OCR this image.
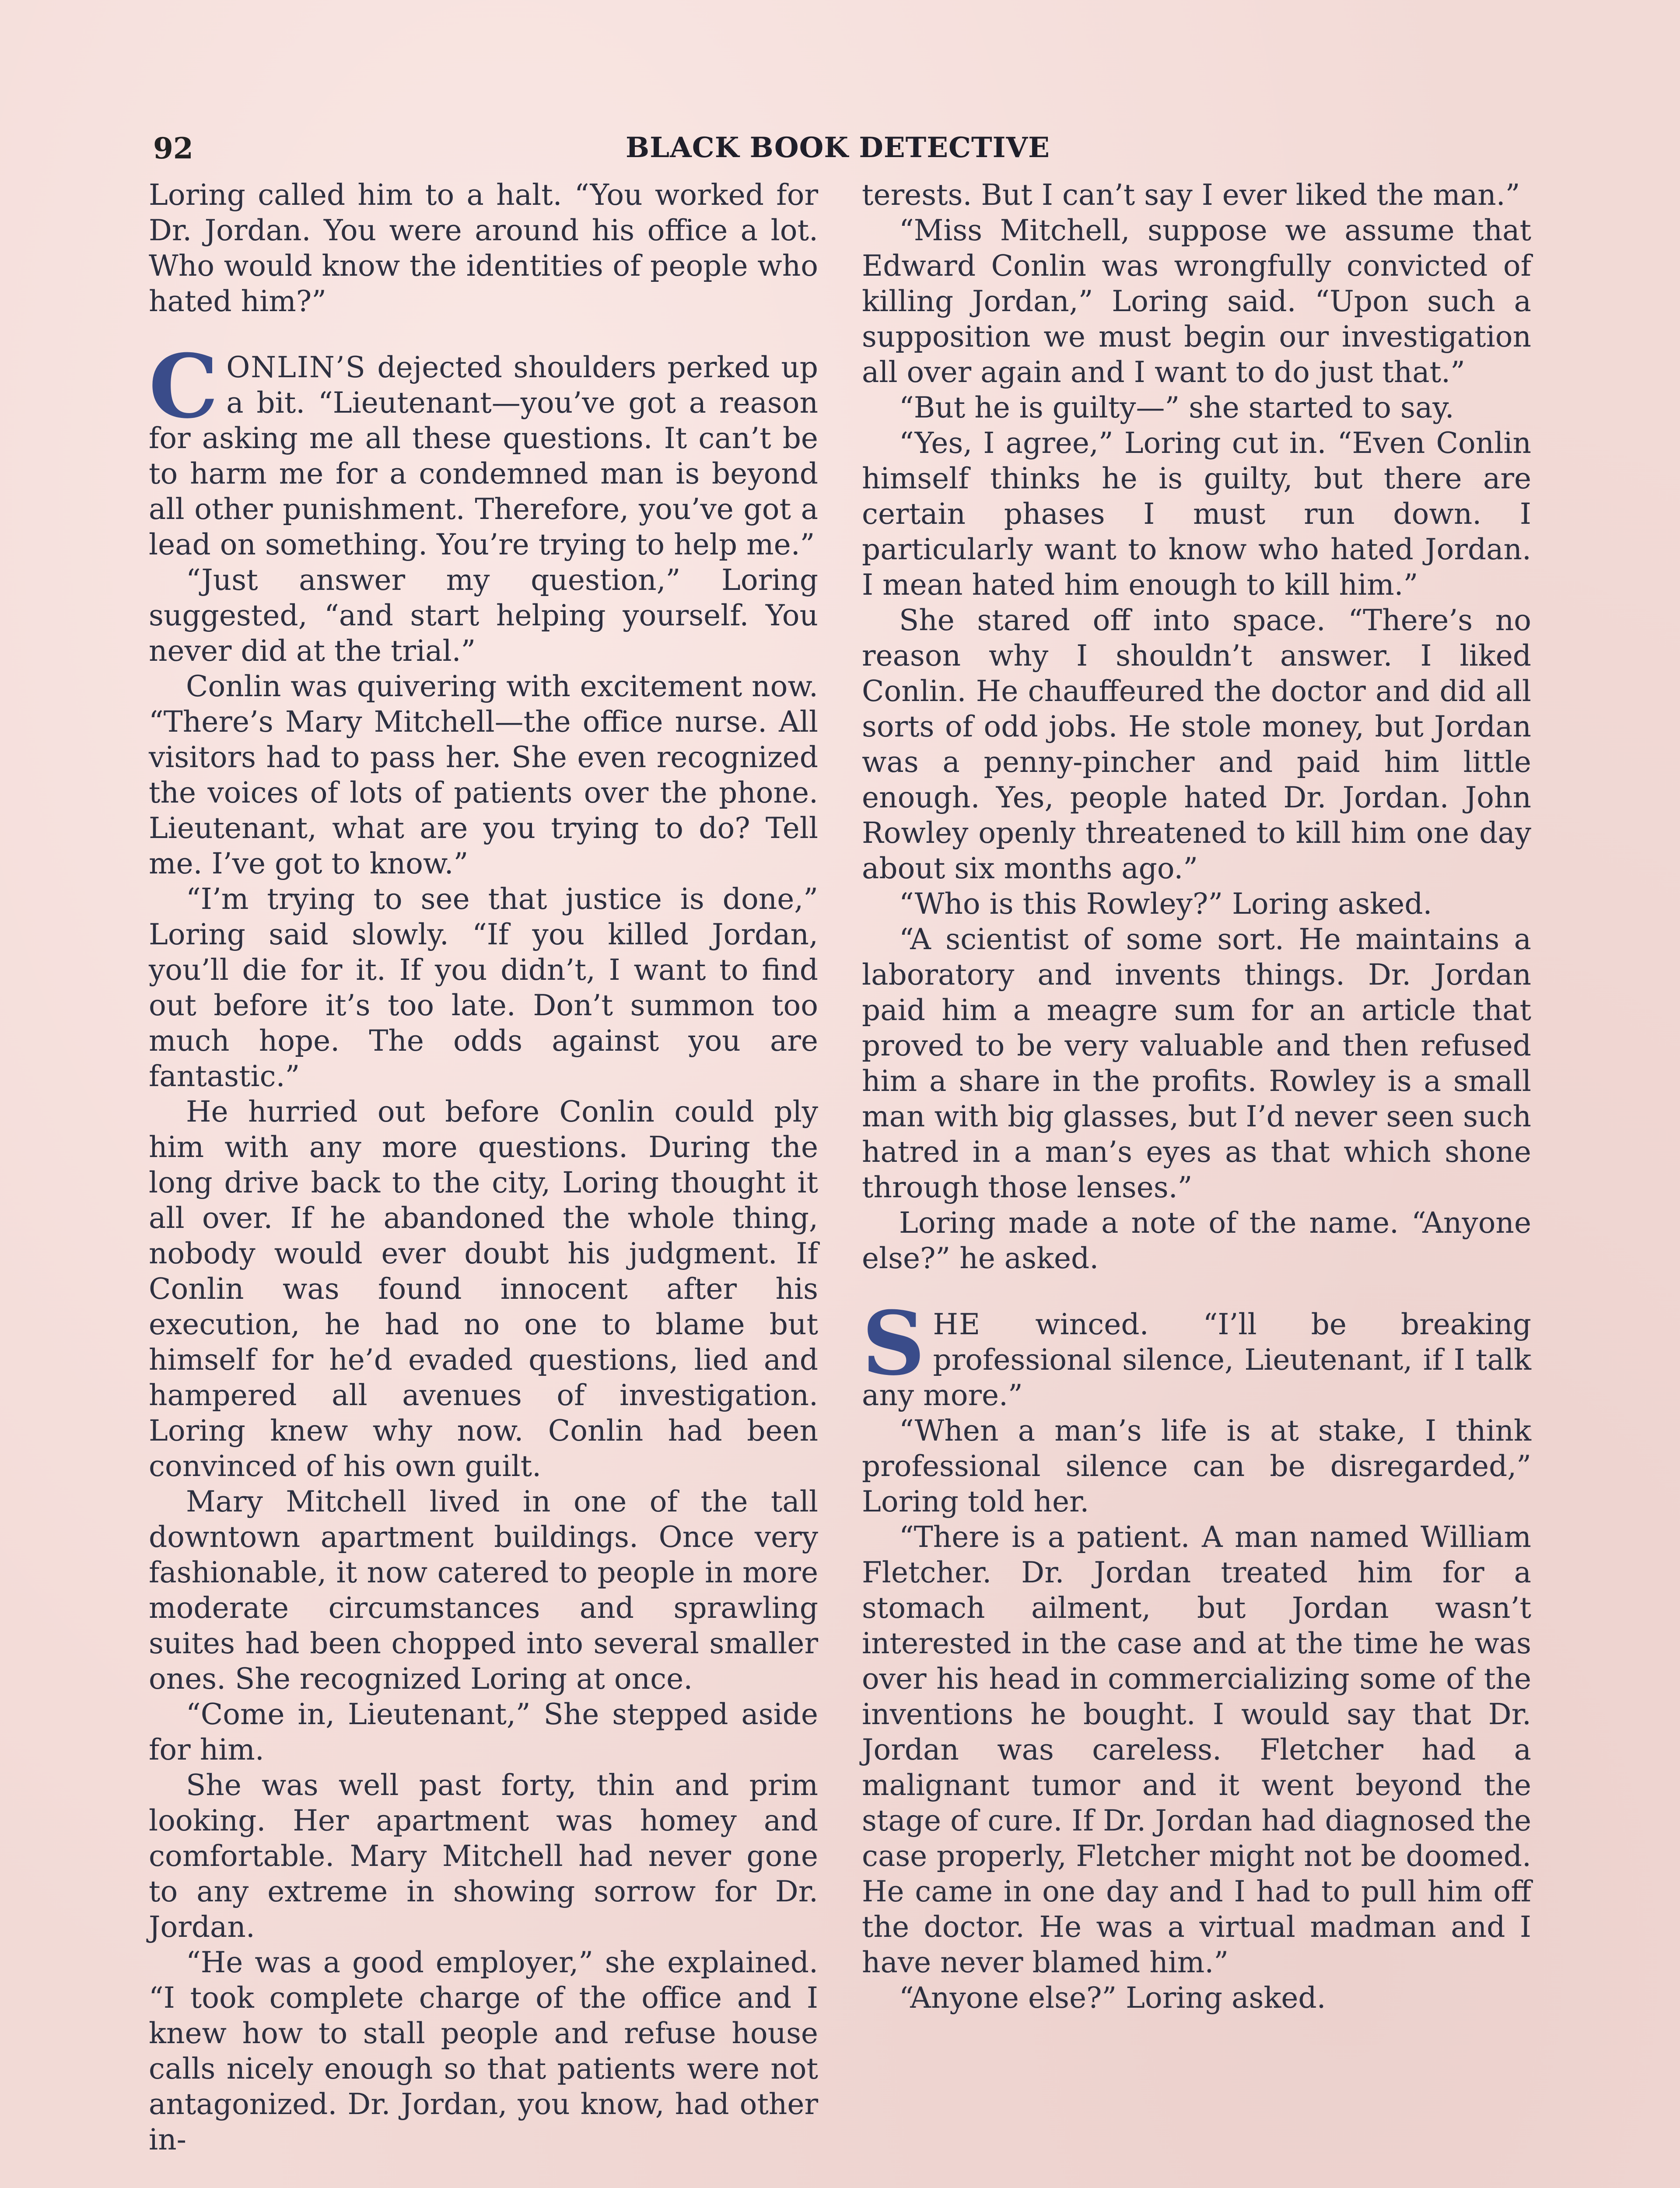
92	BLACK BOOK DETECTIVE

Loring called him to a halt. “You worked for Dr. Jordan. You were around his office a lot. Who would know the identities of people who hated him?”

CONLIN’S dejected shoulders perked up a bit. “Lieutenant—you’ve got a reason for asking me all these questions. It can’t be to harm me for a condemned man is beyond all other punishment. Therefore, you’ve got a lead on something. You’re trying to help me.”

“Just answer my question,” Loring suggested, “and start helping yourself. You never did at the trial.”

Conlin was quivering with excitement now. “There’s Mary Mitchell—the office nurse. All visitors had to pass her. She even recognized the voices of lots of patients over the phone. Lieutenant, what are you trying to do? Tell me. I’ve got to know.”

“I’m trying to see that justice is done,” Loring said slowly. “If you killed Jordan, you’ll die for it. If you didn’t, I want to find out before it’s too late. Don’t summon too much hope. The odds against you are fantastic.”

He hurried out before Conlin could ply him with any more questions. During the long drive back to the city, Loring thought it all over. If he abandoned the whole thing, nobody would ever doubt his judgment. If Conlin was found innocent after his execution, he had no one to blame but himself for he’d evaded questions, lied and hampered all avenues of investigation. Loring knew why now. Conlin had been convinced of his own guilt.

Mary Mitchell lived in one of the tall downtown apartment buildings. Once very fashionable, it now catered to people in more moderate circumstances and sprawling suites had been chopped into several smaller ones. She recognized Loring at once.

“Come in, Lieutenant,” She stepped aside for him.

She was well past forty, thin and prim looking. Her apartment was homey and comfortable. Mary Mitchell had never gone to any extreme in showing sorrow for Dr. Jordan.

“He was a good employer,” she explained. “I took complete charge of the office and I knew how to stall people and refuse house calls nicely enough so that patients were not antagonized. Dr. Jordan, you know, had other in-

terests. But I can’t say I ever liked the man.”

“Miss Mitchell, suppose we assume that Edward Conlin was wrongfully convicted of killing Jordan,” Loring said. “Upon such a supposition we must begin our investigation all over again and I want to do just that.”

“But he is guilty—” she started to say.

“Yes, I agree,” Loring cut in. “Even Conlin himself thinks he is guilty, but there are certain phases I must run down. I particularly want to know who hated Jordan. I mean hated him enough to kill him.”

She stared off into space. “There’s no reason why I shouldn’t answer. I liked Conlin. He chauffeured the doctor and did all sorts of odd jobs. He stole money, but Jordan was a penny-pincher and paid him little enough. Yes, people hated Dr. Jordan. John Rowley openly threatened to kill him one day about six months ago.”

“Who is this Rowley?” Loring asked.

“A scientist of some sort. He maintains a laboratory and invents things. Dr. Jordan paid him a meagre sum for an article that proved to be very valuable and then refused him a share in the profits. Rowley is a small man with big glasses, but I’d never seen such hatred in a man’s eyes as that which shone through those lenses.”

Loring made a note of the name. “Anyone else?” he asked.

SHE winced. “I’ll be breaking professional silence, Lieutenant, if I talk any more.”

“When a man’s life is at stake, I think professional silence can be disregarded,” Loring told her.

“There is a patient. A man named William Fletcher. Dr. Jordan treated him for a stomach ailment, but Jordan wasn’t interested in the case and at the time he was over his head in commercializing some of the inventions he bought. I would say that Dr. Jordan was careless. Fletcher had a malignant tumor and it went beyond the stage of cure. If Dr. Jordan had diagnosed the case properly, Fletcher might not be doomed. He came in one day and I had to pull him off the doctor. He was a virtual madman and I have never blamed him.”

“Anyone else?” Loring asked.
